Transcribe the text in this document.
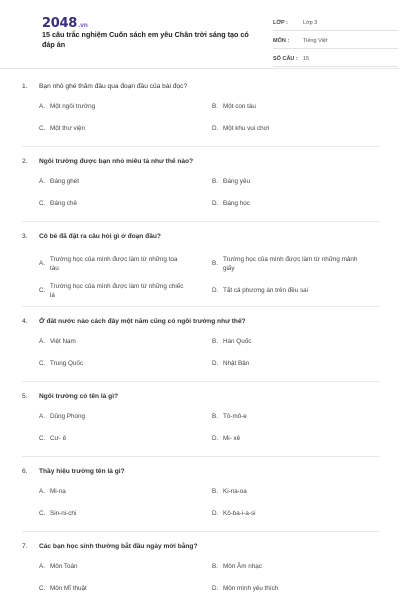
2048.vn
15 câu trắc nghiệm Cuốn sách em yêu Chân trời sáng tạo có đáp án
LỚP :	Lớp 3
MÔN :	Tiếng Việt
SỐ CÂU : 15
1.	Bạn nhỏ ghé thăm đâu qua đoạn đầu của bài đọc?
A. Một ngôi trường	B. Một con tàu
C. Một thư viện	D. Một khu vui chơi
2.	Ngôi trường được bạn nhỏ miêu tả như thế nào?
A. Đáng ghét	B. Đáng yêu
C. Đáng chê	D. Đáng học
3.	Cô bé đã đặt ra câu hỏi gì ở đoạn đầu?
A.
Trường học của mình được làm từ những toa tàu
B.
Trường học của mình được làm từ những mảnh giấy
C.
Trường học của mình được làm từ những chiếc lá
D. Tất cả phương án trên đều sai
4.	Ở đất nước nào cách đây một năm cũng có ngôi trường như thế?
A. Việt Nam	B. Hàn Quốc
C. Trung Quốc	D. Nhật Bản
5.	Ngôi trường có tên là gì?
A. Dũng Phong	B. Tô-mô-e
C. Cư- ê	D. Mi- xê
6.	Thầy hiệu trưởng tên là gì?
A. Mi-na	B. Ki-na-oa
C. Sin-ni-chi	D. Kô-ba-i-a-si
7.	Các bạn học sinh thường bắt đầu ngày mới bằng?
A. Môn Toán	B. Môn Âm nhạc
C. Môn Mĩ thuật	D. Môn mình yêu thích
